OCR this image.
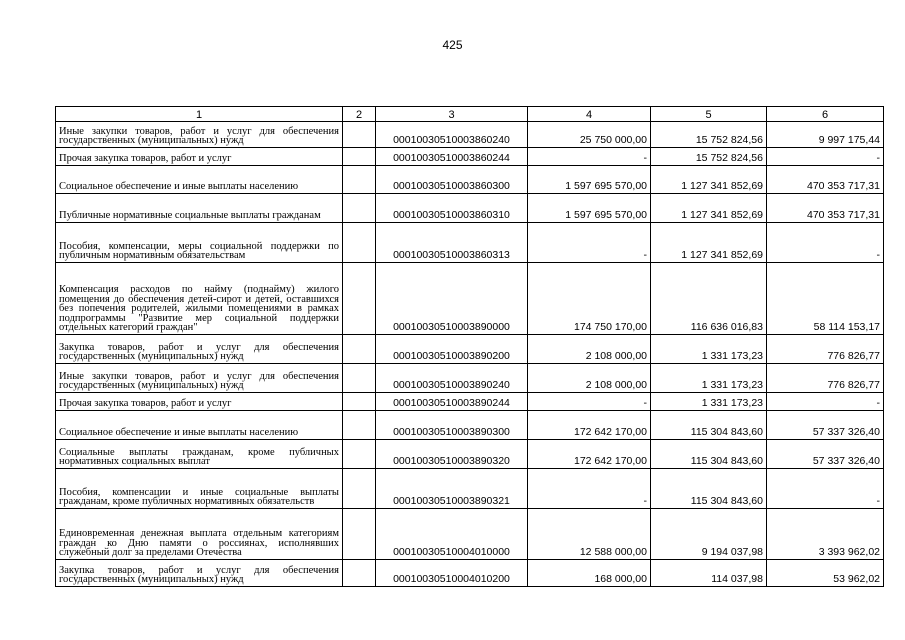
425
1	2	3	4	5	6
Иные закупки товаров, работ и услуг для обеспечения государственных (муниципальных) нужд		00010030510003860240	25 750 000,00	15 752 824,56	9 997 175,44
Прочая закупка товаров, работ и услуг		00010030510003860244	-	15 752 824,56	-
Социальное обеспечение и иные выплаты населению		00010030510003860300	1 597 695 570,00	1 127 341 852,69	470 353 717,31
Публичные нормативные социальные выплаты гражданам		00010030510003860310	1 597 695 570,00	1 127 341 852,69	470 353 717,31
Пособия, компенсации, меры социальной поддержки по публичным нормативным обязательствам		00010030510003860313	-	1 127 341 852,69	-
Компенсация расходов по найму (поднайму) жилого помещения до обеспечения детей-сирот и детей, оставшихся без попечения родителей, жилыми помещениями в рамках подпрограммы "Развитие мер социальной поддержки отдельных категорий граждан"		00010030510003890000	174 750 170,00	116 636 016,83	58 114 153,17
Закупка товаров, работ и услуг для обеспечения государственных (муниципальных) нужд		00010030510003890200	2 108 000,00	1 331 173,23	776 826,77
Иные закупки товаров, работ и услуг для обеспечения государственных (муниципальных) нужд		00010030510003890240	2 108 000,00	1 331 173,23	776 826,77
Прочая закупка товаров, работ и услуг		00010030510003890244	-	1 331 173,23	-
Социальное обеспечение и иные выплаты населению		00010030510003890300	172 642 170,00	115 304 843,60	57 337 326,40
Социальные выплаты гражданам, кроме публичных нормативных социальных выплат		00010030510003890320	172 642 170,00	115 304 843,60	57 337 326,40
Пособия, компенсации и иные социальные выплаты гражданам, кроме публичных нормативных обязательств		00010030510003890321	-	115 304 843,60	-
Единовременная денежная выплата отдельным категориям граждан ко Дню памяти о россиянах, исполнявших служебный долг за пределами Отечества		00010030510004010000	12 588 000,00	9 194 037,98	3 393 962,02
Закупка товаров, работ и услуг для обеспечения государственных (муниципальных) нужд		00010030510004010200	168 000,00	114 037,98	53 962,02
